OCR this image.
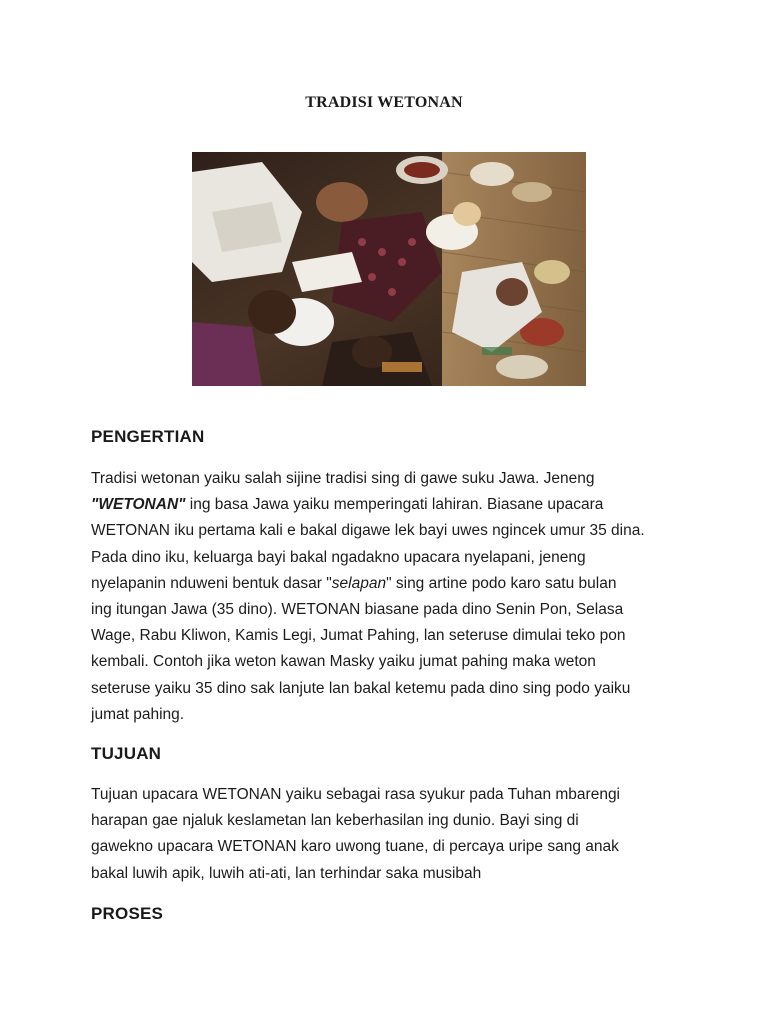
TRADISI WETONAN
PENGERTIAN

Tradisi wetonan yaiku salah sijine tradisi sing di gawe suku Jawa. Jeneng
"WETONAN" ing basa Jawa yaiku memperingati lahiran. Biasane upacara
WETONAN iku pertama kali e bakal digawe lek bayi uwes ngincek umur 35 dina.
Pada dino iku, keluarga bayi bakal ngadakno upacara nyelapani, jeneng
nyelapanin nduweni bentuk dasar "selapan" sing artine podo karo satu bulan
ing itungan Jawa (35 dino). WETONAN biasane pada dino Senin Pon, Selasa
Wage, Rabu Kliwon, Kamis Legi, Jumat Pahing, lan seteruse dimulai teko pon
kembali. Contoh jika weton kawan Masky yaiku jumat pahing maka weton
seteruse yaiku 35 dino sak lanjute lan bakal ketemu pada dino sing podo yaiku
jumat pahing.

TUJUAN

Tujuan upacara WETONAN yaiku sebagai rasa syukur pada Tuhan mbarengi
harapan gae njaluk keslametan lan keberhasilan ing dunio. Bayi sing di
gawekno upacara WETONAN karo uwong tuane, di percaya uripe sang anak
bakal luwih apik, luwih ati-ati, lan terhindar saka musibah

PROSES
